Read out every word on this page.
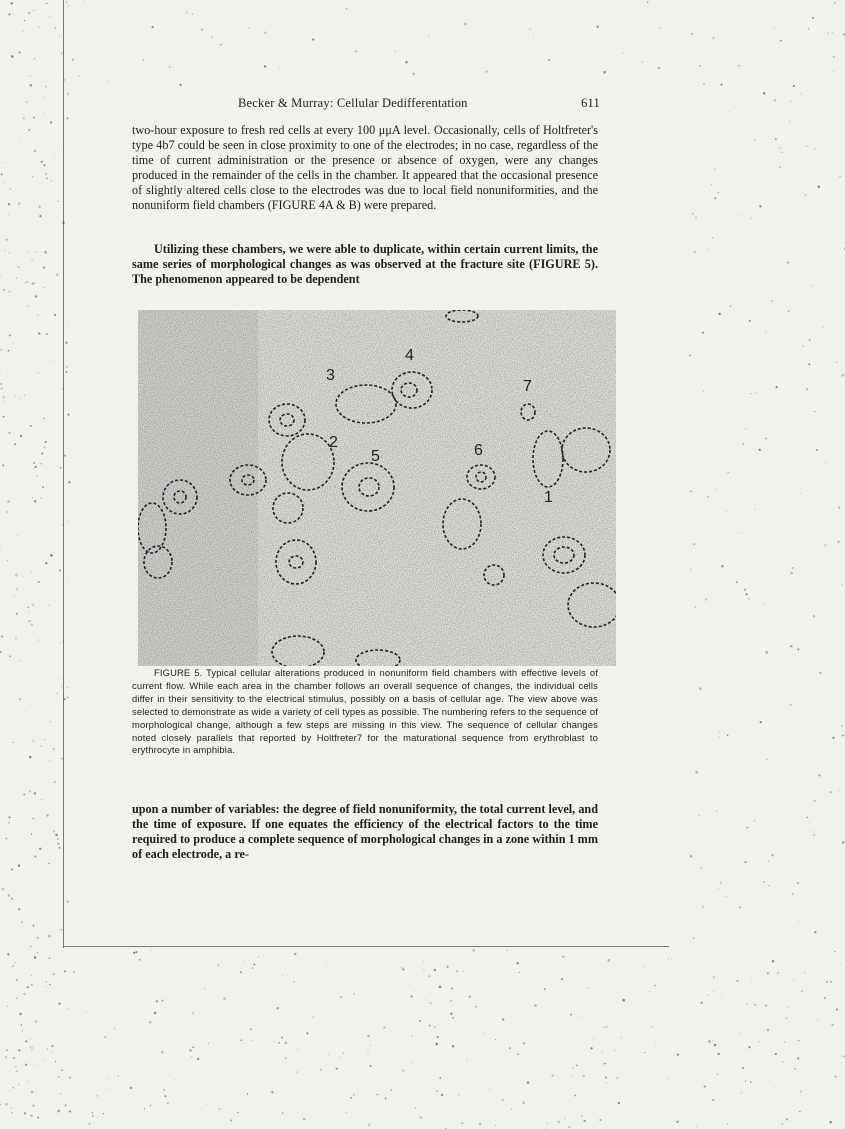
Becker & Murray: Cellular Dedifferentation	611
two-hour exposure to fresh red cells at every 100 μμA level. Occasionally, cells of Holtfreter's type 4b7 could be seen in close proximity to one of the electrodes; in no case, regardless of the time of current administration or the presence or absence of oxygen, were any changes produced in the remainder of the cells in the chamber. It appeared that the occasional presence of slightly altered cells close to the electrodes was due to local field nonuniformities, and the nonuniform field chambers (FIGURE 4A & B) were prepared.
Utilizing these chambers, we were able to duplicate, within certain current limits, the same series of morphological changes as was observed at the fracture site (FIGURE 5). The phenomenon appeared to be dependent
1
2
3
4
5	6
7
FIGURE 5. Typical cellular alterations produced in nonuniform field chambers with effective levels of current flow. While each area in the chamber follows an overall sequence of changes, the individual cells differ in their sensitivity to the electrical stimulus, possibly on a basis of cellular age. The view above was selected to demonstrate as wide a variety of cell types as possible. The numbering refers to the sequence of morphological change, although a few steps are missing in this view. The sequence of cellular changes noted closely parallels that reported by Holtfreter7 for the maturational sequence from erythroblast to erythrocyte in amphibia.
upon a number of variables: the degree of field nonuniformity, the total current level, and the time of exposure. If one equates the efficiency of the electrical factors to the time required to produce a complete sequence of morphological changes in a zone within 1 mm of each electrode, a re-
